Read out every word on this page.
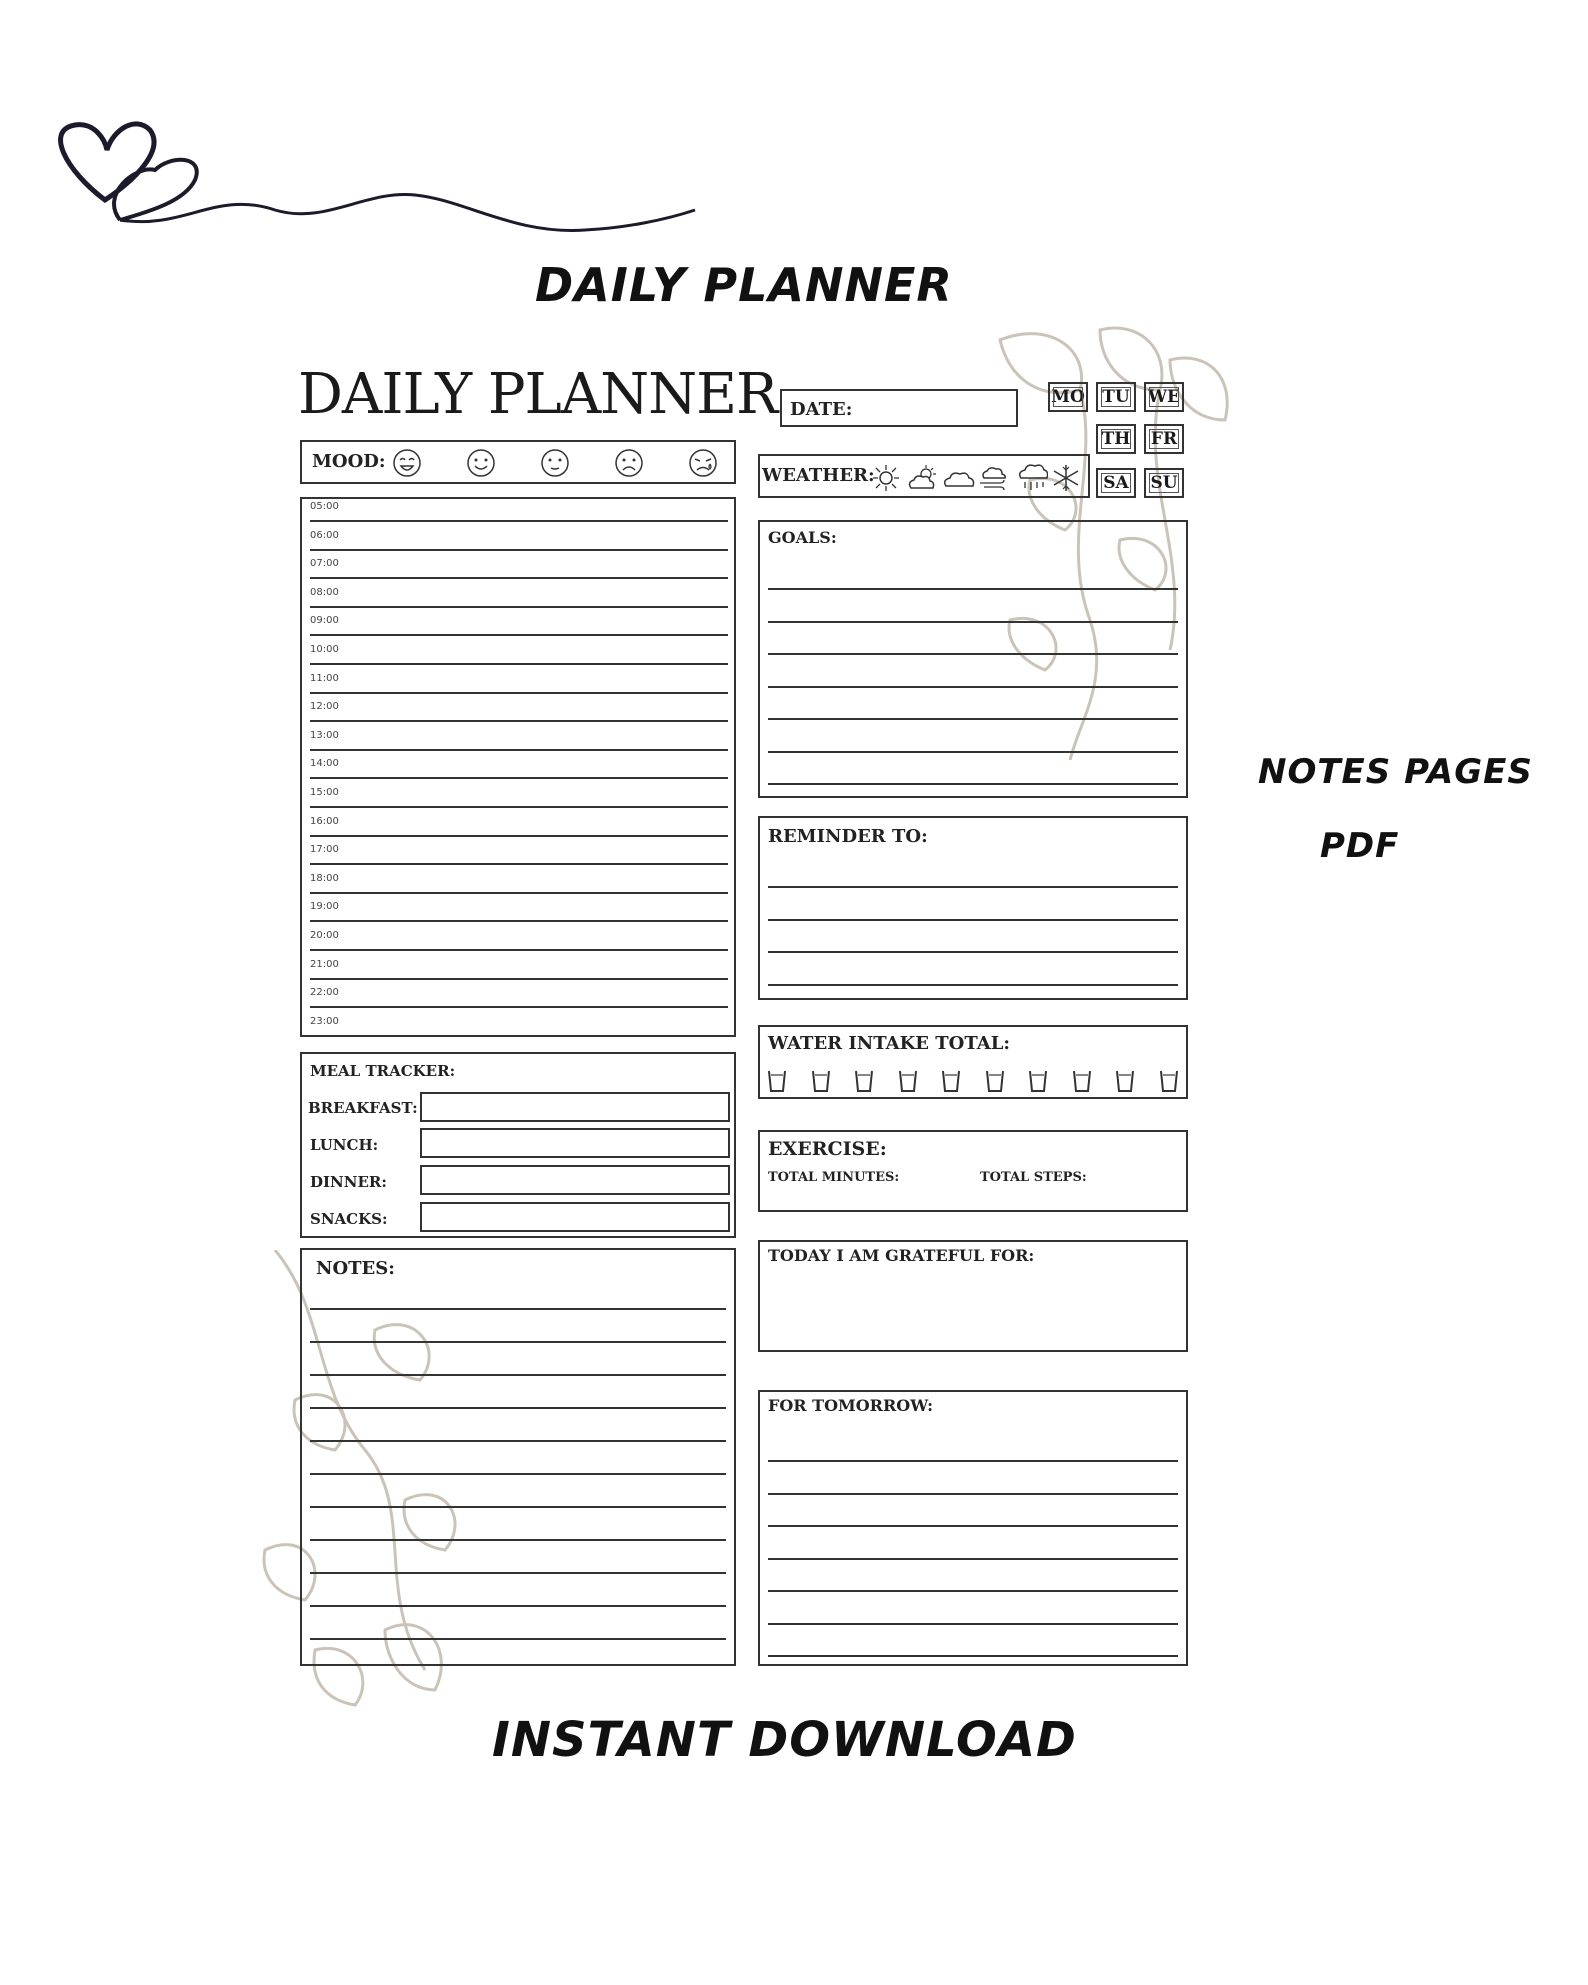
DAILY PLANNER
NOTES PAGES
PDF
INSTANT DOWNLOAD
DAILY PLANNER
MOOD:
05:00
06:00
07:00
08:00
09:00
10:00
11:00
12:00
13:00
14:00
15:00
16:00
17:00
18:00
19:00
20:00
21:00
22:00
23:00
MEAL TRACKER:
BREAKFAST:
LUNCH:
DINNER:
SNACKS:
NOTES:
DATE:
MO	TU	WE
TH	FR
SA	SU
WEATHER:
GOALS:
REMINDER TO:
WATER INTAKE TOTAL:
EXERCISE:
TOTAL MINUTES:	TOTAL STEPS:
TODAY I AM GRATEFUL FOR:
FOR TOMORROW:
